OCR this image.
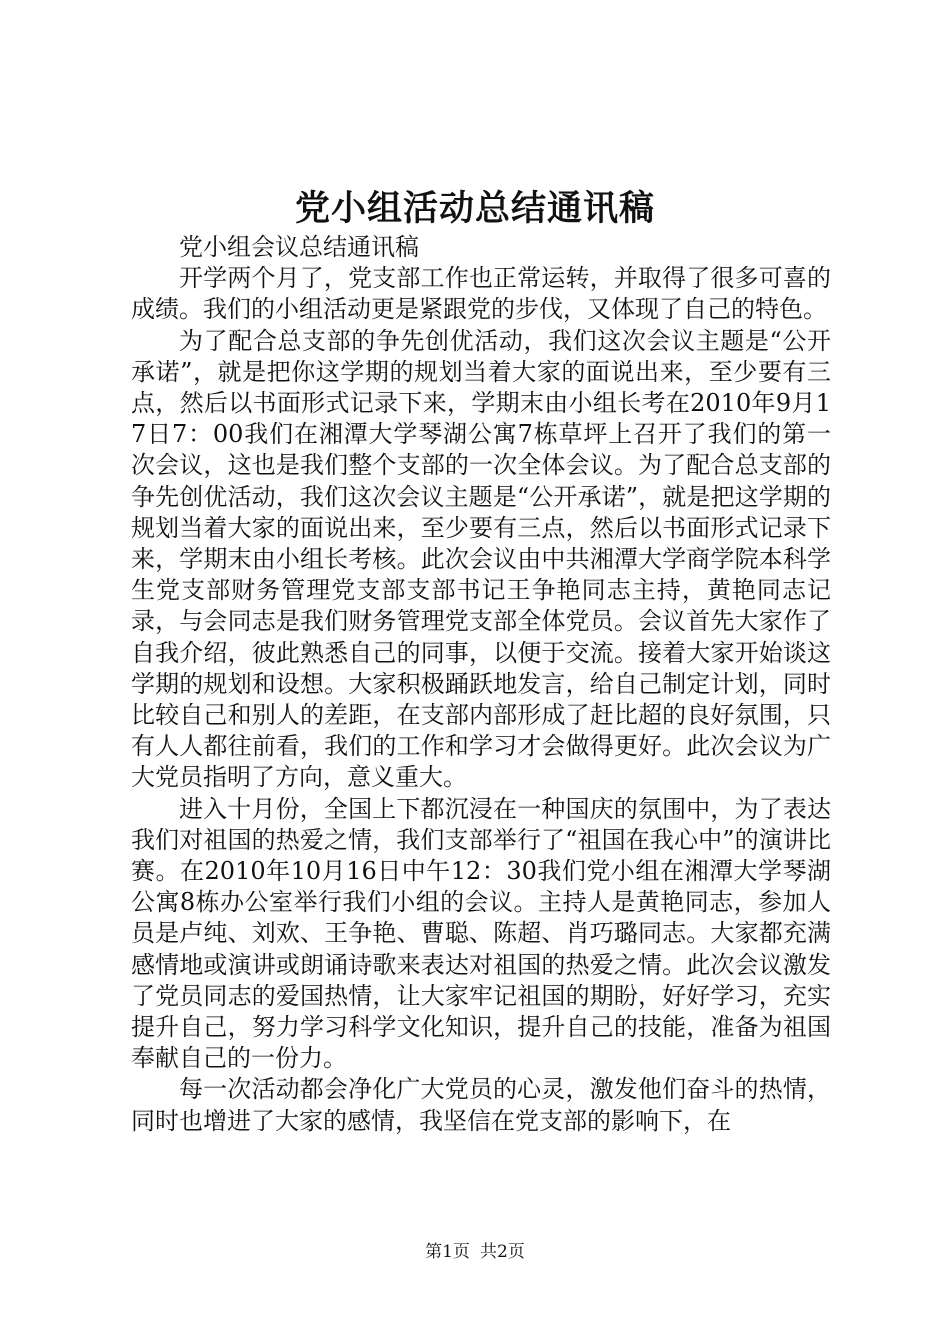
党小组活动总结通讯稿

党小组会议总结通讯稿

开学两个月了，党支部工作也正常运转，并取得了很多可喜的成绩。我们的小组活动更是紧跟党的步伐，又体现了自己的特色。

为了配合总支部的争先创优活动，我们这次会议主题是“公开承诺”，就是把你这学期的规划当着大家的面说出来，至少要有三点，然后以书面形式记录下来，学期末由小组长考在2010年9月17日7：00我们在湘潭大学琴湖公寓7栋草坪上召开了我们的第一次会议，这也是我们整个支部的一次全体会议。为了配合总支部的争先创优活动，我们这次会议主题是“公开承诺”，就是把这学期的规划当着大家的面说出来，至少要有三点，然后以书面形式记录下来，学期末由小组长考核。此次会议由中共湘潭大学商学院本科学生党支部财务管理党支部支部书记王争艳同志主持，黄艳同志记录，与会同志是我们财务管理党支部全体党员。会议首先大家作了自我介绍，彼此熟悉自己的同事，以便于交流。接着大家开始谈这学期的规划和设想。大家积极踊跃地发言，给自己制定计划，同时比较自己和别人的差距，在支部内部形成了赶比超的良好氛围，只有人人都往前看，我们的工作和学习才会做得更好。此次会议为广大党员指明了方向，意义重大。

进入十月份，全国上下都沉浸在一种国庆的氛围中，为了表达我们对祖国的热爱之情，我们支部举行了“祖国在我心中”的演讲比赛。在2010年10月16日中午12：30我们党小组在湘潭大学琴湖公寓8栋办公室举行我们小组的会议。主持人是黄艳同志，参加人员是卢纯、刘欢、王争艳、曹聪、陈超、肖巧璐同志。大家都充满感情地或演讲或朗诵诗歌来表达对祖国的热爱之情。此次会议激发了党员同志的爱国热情，让大家牢记祖国的期盼，好好学习，充实提升自己，努力学习科学文化知识，提升自己的技能，准备为祖国奉献自己的一份力。

每一次活动都会净化广大党员的心灵，激发他们奋斗的热情，同时也增进了大家的感情，我坚信在党支部的影响下，在

第1页 共2页
